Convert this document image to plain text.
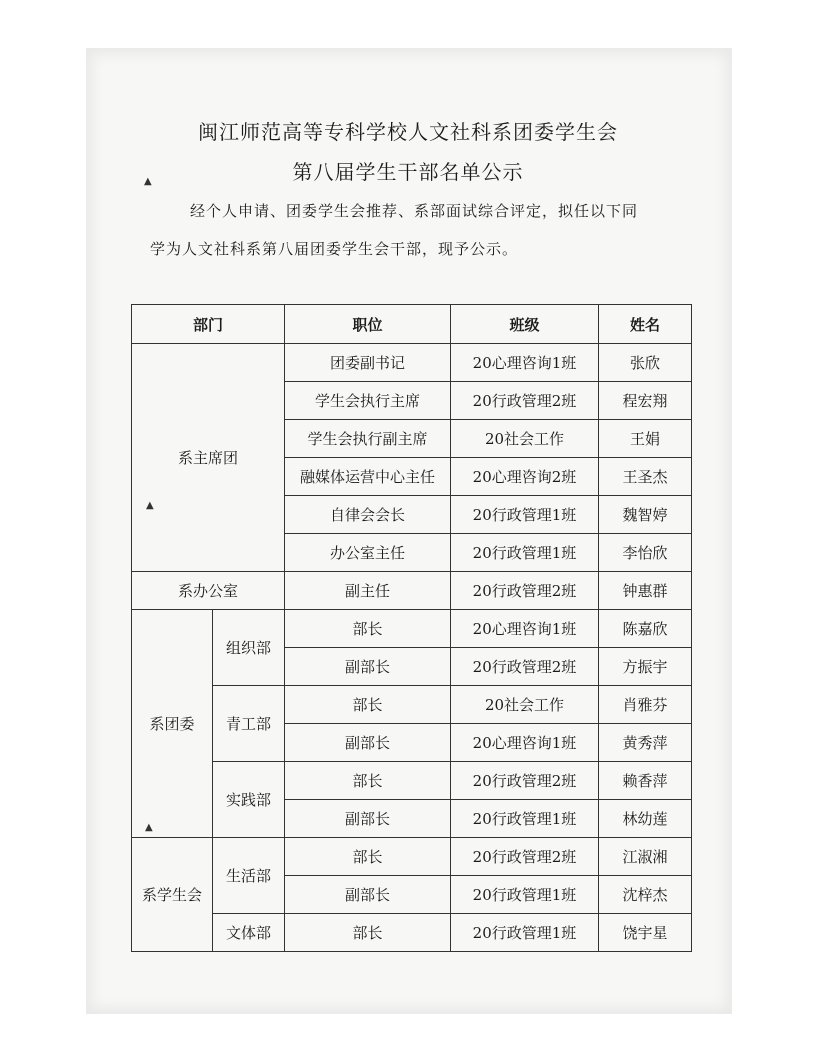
▲
▲
▲
闽江师范高等专科学校人文社科系团委学生会
第八届学生干部名单公示
经个人申请、团委学生会推荐、系部面试综合评定，拟任以下同
学为人文社科系第八届团委学生会干部，现予公示。
部门		职位	班级	姓名
系主席团		团委副书记	20心理咨询1班	张欣
		学生会执行主席	20行政管理2班	程宏翔
		学生会执行副主席	20社会工作	王娟
		融媒体运营中心主任	20心理咨询2班	王圣杰
		自律会会长	20行政管理1班	魏智婷
		办公室主任	20行政管理1班	李怡欣
系办公室		副主任	20行政管理2班	钟惠群
系团委	组织部	部长	20心理咨询1班	陈嘉欣
		副部长	20行政管理2班	方振宇
	青工部	部长	20社会工作	肖雅芬
		副部长	20心理咨询1班	黄秀萍
	实践部	部长	20行政管理2班	赖香萍
		副部长	20行政管理1班	林幼莲
系学生会	生活部	部长	20行政管理2班	江淑湘
		副部长	20行政管理1班	沈梓杰
	文体部	部长	20行政管理1班	饶宇星
